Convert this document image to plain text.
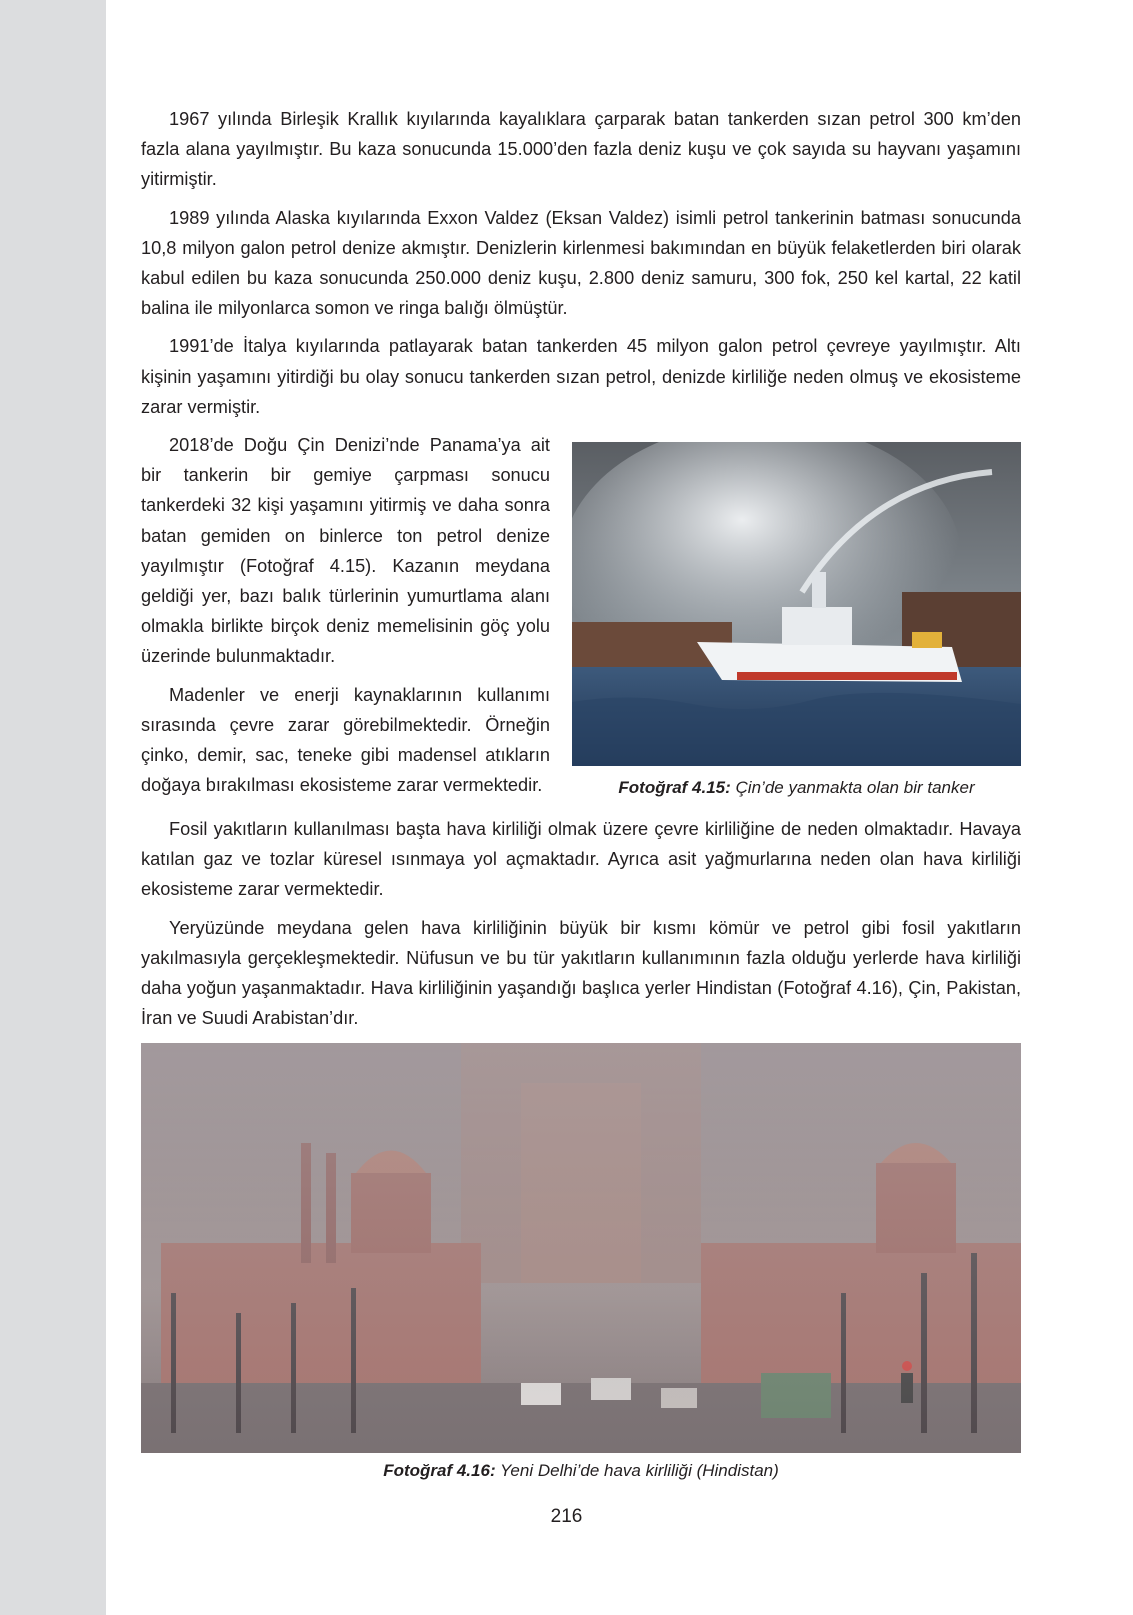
1967 yılında Birleşik Krallık kıyılarında kayalıklara çarparak batan tankerden sızan petrol 300 km’den fazla alana yayılmıştır. Bu kaza sonucunda 15.000’den fazla deniz kuşu ve çok sayıda su hayvanı yaşamını yitirmiştir.

1989 yılında Alaska kıyılarında Exxon Valdez (Eksan Valdez) isimli petrol tankerinin batması sonucunda 10,8 milyon galon petrol denize akmıştır. Denizlerin kirlenmesi bakımından en büyük felaketlerden biri olarak kabul edilen bu kaza sonucunda 250.000 deniz kuşu, 2.800 deniz samuru, 300 fok, 250 kel kartal, 22 katil balina ile milyonlarca somon ve ringa balığı ölmüştür.

1991’de İtalya kıyılarında patlayarak batan tankerden 45 milyon galon petrol çevreye yayılmıştır. Altı kişinin yaşamını yitirdiği bu olay sonucu tankerden sızan petrol, denizde kirliliğe neden olmuş ve ekosisteme zarar vermiştir.

Fotoğraf 4.15: Çin’de yanmakta olan bir tanker

2018’de Doğu Çin Denizi’nde Panama’ya ait bir tankerin bir gemiye çarpması sonucu tankerdeki 32 kişi yaşamını yitirmiş ve daha sonra batan gemiden on binlerce ton petrol denize yayılmıştır (Fotoğraf 4.15). Kazanın meydana geldiği yer, bazı balık türlerinin yumurtlama alanı olmakla birlikte birçok deniz memelisinin göç yolu üzerinde bulunmaktadır.

Madenler ve enerji kaynaklarının kullanımı sırasında çevre zarar görebilmektedir. Örneğin çinko, demir, sac, teneke gibi madensel atıkların doğaya bırakılması ekosisteme zarar vermektedir.

Fosil yakıtların kullanılması başta hava kirliliği olmak üzere çevre kirliliğine de neden olmaktadır. Havaya katılan gaz ve tozlar küresel ısınmaya yol açmaktadır. Ayrıca asit yağmurlarına neden olan hava kirliliği ekosisteme zarar vermektedir.

Yeryüzünde meydana gelen hava kirliliğinin büyük bir kısmı kömür ve petrol gibi fosil yakıtların yakılmasıyla gerçekleşmektedir. Nüfusun ve bu tür yakıtların kullanımının fazla olduğu yerlerde hava kirliliği daha yoğun yaşanmaktadır. Hava kirliliğinin yaşandığı başlıca yerler Hindistan (Fotoğraf 4.16), Çin, Pakistan, İran ve Suudi Arabistan’dır.

Fotoğraf 4.16: Yeni Delhi’de hava kirliliği (Hindistan)
216
